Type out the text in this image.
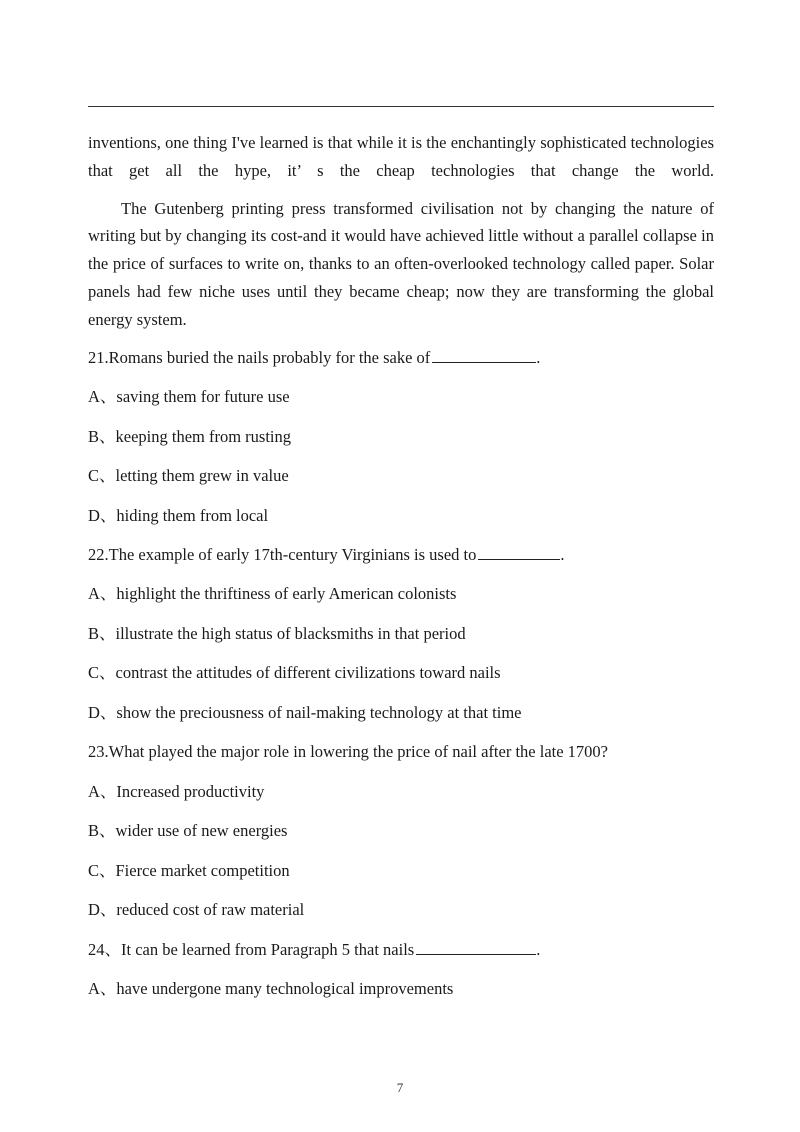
inventions, one thing I've learned is that while it is the enchantingly sophisticated technologies that get all the hype, it’ s the cheap technologies that change the world.

The Gutenberg printing press transformed civilisation not by changing the nature of writing but by changing its cost-and it would have achieved little without a parallel collapse in the price of surfaces to write on, thanks to an often-overlooked technology called paper. Solar panels had few niche uses until they became cheap; now they are transforming the global energy system.

21.Romans buried the nails probably for the sake of	.
A、saving them for future use
B、keeping them from rusting
C、letting them grew in value
D、hiding them from local
22.The example of early 17th-century Virginians is used to	.
A、highlight the thriftiness of early American colonists
B、illustrate the high status of blacksmiths in that period
C、contrast the attitudes of different civilizations toward nails
D、show the preciousness of nail-making technology at that time
23.What played the major role in lowering the price of nail after the late 1700?
A、Increased productivity
B、wider use of new energies
C、Fierce market competition
D、reduced cost of raw material
24、It can be learned from Paragraph 5 that nails	.
A、have undergone many technological improvements
7
